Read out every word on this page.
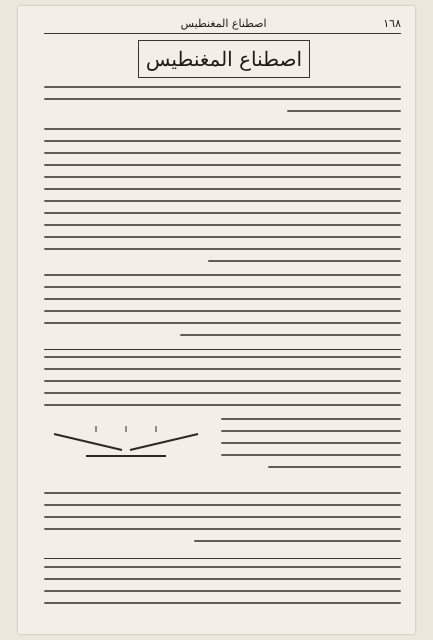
١٦٨
اصطناع المغنطيس
اصطناع المغنطيس
